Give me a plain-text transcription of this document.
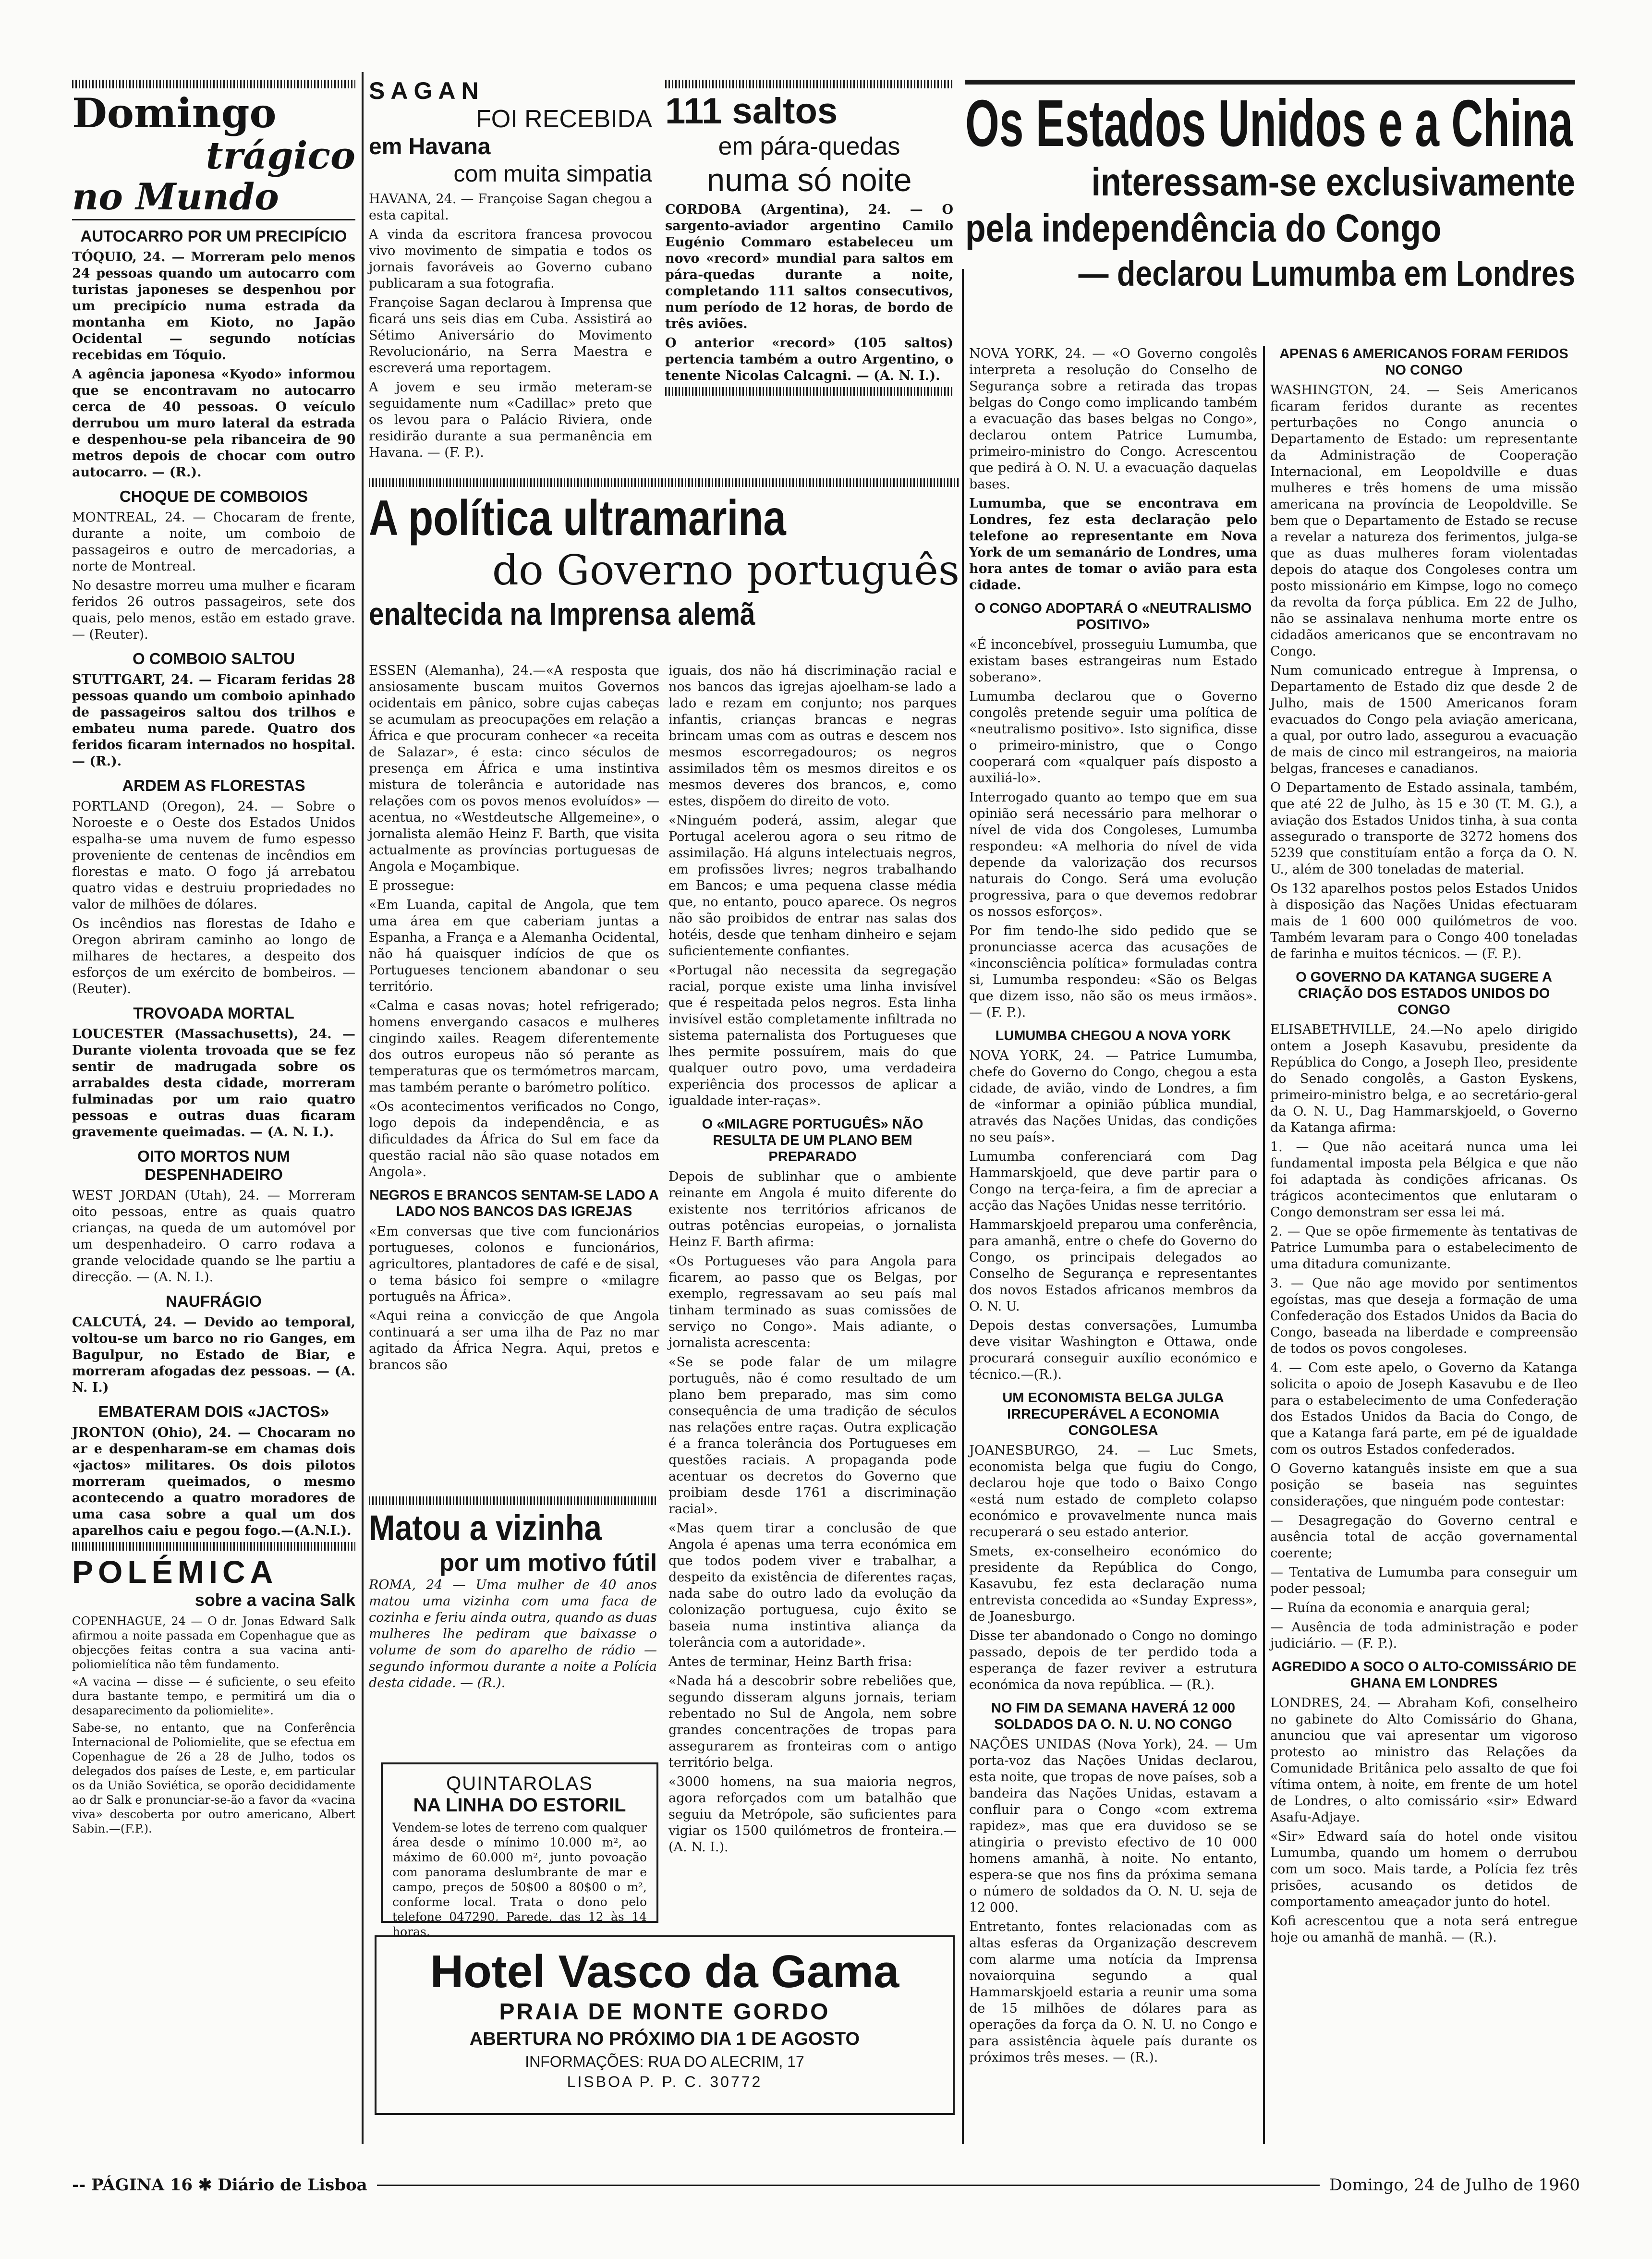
Domingo
trágico
no Mundo
AUTOCARRO POR UM PRECIPÍCIO

TÓQUIO, 24. — Morreram pelo menos 24 pessoas quando um autocarro com turistas japoneses se despenhou por um precipício numa estrada da montanha em Kioto, no Japão Ocidental — segundo notícias recebidas em Tóquio.

A agência japonesa «Kyodo» informou que se encontravam no autocarro cerca de 40 pessoas. O veículo derrubou um muro lateral da estrada e despenhou-se pela ribanceira de 90 metros depois de chocar com outro autocarro. — (R.).

CHOQUE DE COMBOIOS

MONTREAL, 24. — Chocaram de frente, durante a noite, um comboio de passageiros e outro de mercadorias, a norte de Montreal.

No desastre morreu uma mulher e ficaram feridos 26 outros passageiros, sete dos quais, pelo menos, estão em estado grave. — (Reuter).

O COMBOIO SALTOU

STUTTGART, 24. — Ficaram feridas 28 pessoas quando um comboio apinhado de passageiros saltou dos trilhos e embateu numa parede. Quatro dos feridos ficaram internados no hospital. — (R.).

ARDEM AS FLORESTAS

PORTLAND (Oregon), 24. — Sobre o Noroeste e o Oeste dos Estados Unidos espalha-se uma nuvem de fumo espesso proveniente de centenas de incêndios em florestas e mato. O fogo já arrebatou quatro vidas e destruiu propriedades no valor de milhões de dólares.

Os incêndios nas florestas de Idaho e Oregon abriram caminho ao longo de milhares de hectares, a despeito dos esforços de um exército de bombeiros. — (Reuter).

TROVOADA MORTAL

LOUCESTER (Massachusetts), 24. — Durante violenta trovoada que se fez sentir de madrugada sobre os arrabaldes desta cidade, morreram fulminadas por um raio quatro pessoas e outras duas ficaram gravemente queimadas. — (A. N. I.).

OITO MORTOS NUM DESPENHADEIRO

WEST JORDAN (Utah), 24. — Morreram oito pessoas, entre as quais quatro crianças, na queda de um automóvel por um despenhadeiro. O carro rodava a grande velocidade quando se lhe partiu a direcção. — (A. N. I.).

NAUFRÁGIO

CALCUTÁ, 24. — Devido ao temporal, voltou-se um barco no rio Ganges, em Bagulpur, no Estado de Biar, e morreram afogadas dez pessoas. — (A. N. I.)

EMBATERAM DOIS «JACTOS»

JRONTON (Ohio), 24. — Chocaram no ar e despenharam-se em chamas dois «jactos» militares. Os dois pilotos morreram queimados, o mesmo acontecendo a quatro moradores de uma casa sobre a qual um dos aparelhos caiu e pegou fogo.—(A.N.I.).

POLÉMICA
sobre a vacina Salk

COPENHAGUE, 24 — O dr. Jonas Edward Salk afirmou a noite passada em Copenhague que as objecções feitas contra a sua vacina anti-poliomielítica não têm fundamento.

«A vacina — disse — é suficiente, o seu efeito dura bastante tempo, e permitirá um dia o desaparecimento da poliomielite».

Sabe-se, no entanto, que na Conferência Internacional de Poliomielite, que se efectua em Copenhague de 26 a 28 de Julho, todos os delegados dos países de Leste, e, em particular os da União Soviética, se oporão decididamente ao dr Salk e pronunciar-se-ão a favor da «vacina viva» descoberta por outro americano, Albert Sabin.—(F.P.).

SAGAN
FOI RECEBIDA
em Havana
com muita simpatia

HAVANA, 24. — Françoise Sagan chegou a esta capital.

A vinda da escritora francesa provocou vivo movimento de simpatia e todos os jornais favoráveis ao Governo cubano publicaram a sua fotografia.

Françoise Sagan declarou à Imprensa que ficará uns seis dias em Cuba. Assistirá ao Sétimo Aniversário do Movimento Revolucionário, na Serra Maestra e escreverá uma reportagem.

A jovem e seu irmão meteram-se seguidamente num «Cadillac» preto que os levou para o Palácio Riviera, onde residirão durante a sua permanência em Havana. — (F. P.).

111 saltos
em pára-quedas
numa só noite

CORDOBA (Argentina), 24. — O sargento-aviador argentino Camilo Eugénio Commaro estabeleceu um novo «record» mundial para saltos em pára-quedas durante a noite, completando 111 saltos consecutivos, num período de 12 horas, de bordo de três aviões.

O anterior «record» (105 saltos) pertencia também a outro Argentino, o tenente Nicolas Calcagni. — (A. N. I.).

A política ultramarina
do Governo português
enaltecida na Imprensa alemã

ESSEN (Alemanha), 24.—«A resposta que ansiosamente buscam muitos Governos ocidentais em pânico, sobre cujas cabeças se acumulam as preocupações em relação a África e que procuram conhecer «a receita de Salazar», é esta: cinco séculos de presença em África e uma instintiva mistura de tolerância e autoridade nas relações com os povos menos evoluídos» — acentua, no «Westdeutsche Allgemeine», o jornalista alemão Heinz F. Barth, que visita actualmente as províncias portuguesas de Angola e Moçambique.

E prossegue:

«Em Luanda, capital de Angola, que tem uma área em que caberiam juntas a Espanha, a França e a Alemanha Ocidental, não há quaisquer indícios de que os Portugueses tencionem abandonar o seu território.

«Calma e casas novas; hotel refrigerado; homens envergando casacos e mulheres cingindo xailes. Reagem diferentemente dos outros europeus não só perante as temperaturas que os termómetros marcam, mas também perante o barómetro político.

«Os acontecimentos verificados no Congo, logo depois da independência, e as dificuldades da África do Sul em face da questão racial não são quase notados em Angola».

NEGROS E BRANCOS SENTAM-SE LADO A LADO NOS BANCOS DAS IGREJAS

«Em conversas que tive com funcionários portugueses, colonos e funcionários, agricultores, plantadores de café e de sisal, o tema básico foi sempre o «milagre português na África».

«Aqui reina a convicção de que Angola continuará a ser uma ilha de Paz no mar agitado da África Negra. Aqui, pretos e brancos são

iguais, dos não há discriminação racial e nos bancos das igrejas ajoelham-se lado a lado e rezam em conjunto; nos parques infantis, crianças brancas e negras brincam umas com as outras e descem nos mesmos escorregadouros; os negros assimilados têm os mesmos direitos e os mesmos deveres dos brancos, e, como estes, dispõem do direito de voto.

«Ninguém poderá, assim, alegar que Portugal acelerou agora o seu ritmo de assimilação. Há alguns intelectuais negros, em profissões livres; negros trabalhando em Bancos; e uma pequena classe média que, no entanto, pouco aparece. Os negros não são proibidos de entrar nas salas dos hotéis, desde que tenham dinheiro e sejam suficientemente confiantes.

«Portugal não necessita da segregação racial, porque existe uma linha invisível que é respeitada pelos negros. Esta linha invisível estão completamente infiltrada no sistema paternalista dos Portugueses que lhes permite possuírem, mais do que qualquer outro povo, uma verdadeira experiência dos processos de aplicar a igualdade inter-raças».

O «MILAGRE PORTUGUÊS» NÃO RESULTA DE UM PLANO BEM PREPARADO

Depois de sublinhar que o ambiente reinante em Angola é muito diferente do existente nos territórios africanos de outras potências europeias, o jornalista Heinz F. Barth afirma:

«Os Portugueses vão para Angola para ficarem, ao passo que os Belgas, por exemplo, regressavam ao seu país mal tinham terminado as suas comissões de serviço no Congo». Mais adiante, o jornalista acrescenta:

«Se se pode falar de um milagre português, não é como resultado de um plano bem preparado, mas sim como consequência de uma tradição de séculos nas relações entre raças. Outra explicação é a franca tolerância dos Portugueses em questões raciais. A propaganda pode acentuar os decretos do Governo que proibiam desde 1761 a discriminação racial».

«Mas quem tirar a conclusão de que Angola é apenas uma terra económica em que todos podem viver e trabalhar, a despeito da existência de diferentes raças, nada sabe do outro lado da evolução da colonização portuguesa, cujo êxito se baseia numa instintiva aliança da tolerância com a autoridade».

Antes de terminar, Heinz Barth frisa:

«Nada há a descobrir sobre rebeliões que, segundo disseram alguns jornais, teriam rebentado no Sul de Angola, nem sobre grandes concentrações de tropas para assegurarem as fronteiras com o antigo território belga.

«3000 homens, na sua maioria negros, agora reforçados com um batalhão que seguiu da Metrópole, são suficientes para vigiar os 1500 quilómetros de fronteira.— (A. N. I.).

Matou a vizinha
por um motivo fútil

ROMA, 24 — Uma mulher de 40 anos matou uma vizinha com uma faca de cozinha e feriu ainda outra, quando as duas mulheres lhe pediram que baixasse o volume de som do aparelho de rádio — segundo informou durante a noite a Polícia desta cidade. — (R.).

QUINTAROLAS
NA LINHA DO ESTORIL

Vendem-se lotes de terreno com qualquer área desde o mínimo 10.000 m², ao máximo de 60.000 m², junto povoação com panorama deslumbrante de mar e campo, preços de 50$00 a 80$00 o m², conforme local. Trata o dono pelo telefone 047290, Parede, das 12 às 14 horas.

Hotel Vasco da Gama
PRAIA DE MONTE GORDO
ABERTURA NO PRÓXIMO DIA 1 DE AGOSTO
INFORMAÇÕES: RUA DO ALECRIM, 17
LISBOA P. P. C. 30772
Os Estados Unidos e a China
interessam-se exclusivamente
pela independência do Congo
— declarou Lumumba em Londres

NOVA YORK, 24. — «O Governo congolês interpreta a resolução do Conselho de Segurança sobre a retirada das tropas belgas do Congo como implicando também a evacuação das bases belgas no Congo», declarou ontem Patrice Lumumba, primeiro-ministro do Congo. Acrescentou que pedirá à O. N. U. a evacuação daquelas bases.

Lumumba, que se encontrava em Londres, fez esta declaração pelo telefone ao representante em Nova York de um semanário de Londres, uma hora antes de tomar o avião para esta cidade.

O CONGO ADOPTARÁ O «NEUTRALISMO POSITIVO»

«É inconcebível, prosseguiu Lumumba, que existam bases estrangeiras num Estado soberano».

Lumumba declarou que o Governo congolês pretende seguir uma política de «neutralismo positivo». Isto significa, disse o primeiro-ministro, que o Congo cooperará com «qualquer país disposto a auxiliá-lo».

Interrogado quanto ao tempo que em sua opinião será necessário para melhorar o nível de vida dos Congoleses, Lumumba respondeu: «A melhoria do nível de vida depende da valorização dos recursos naturais do Congo. Será uma evolução progressiva, para o que devemos redobrar os nossos esforços».

Por fim tendo-lhe sido pedido que se pronunciasse acerca das acusações de «inconsciência política» formuladas contra si, Lumumba respondeu: «São os Belgas que dizem isso, não são os meus irmãos». — (F. P.).

LUMUMBA CHEGOU A NOVA YORK

NOVA YORK, 24. — Patrice Lumumba, chefe do Governo do Congo, chegou a esta cidade, de avião, vindo de Londres, a fim de «informar a opinião pública mundial, através das Nações Unidas, das condições no seu país».

Lumumba conferenciará com Dag Hammarskjoeld, que deve partir para o Congo na terça-feira, a fim de apreciar a acção das Nações Unidas nesse território.

Hammarskjoeld preparou uma conferência, para amanhã, entre o chefe do Governo do Congo, os principais delegados ao Conselho de Segurança e representantes dos novos Estados africanos membros da O. N. U.

Depois destas conversações, Lumumba deve visitar Washington e Ottawa, onde procurará conseguir auxílio económico e técnico.—(R.).

UM ECONOMISTA BELGA JULGA IRRECUPERÁVEL A ECONOMIA CONGOLESA

JOANESBURGO, 24. — Luc Smets, economista belga que fugiu do Congo, declarou hoje que todo o Baixo Congo «está num estado de completo colapso económico e provavelmente nunca mais recuperará o seu estado anterior.

Smets, ex-conselheiro económico do presidente da República do Congo, Kasavubu, fez esta declaração numa entrevista concedida ao «Sunday Express», de Joanesburgo.

Disse ter abandonado o Congo no domingo passado, depois de ter perdido toda a esperança de fazer reviver a estrutura económica da nova república. — (R.).

NO FIM DA SEMANA HAVERÁ 12 000 SOLDADOS DA O. N. U. NO CONGO

NAÇÕES UNIDAS (Nova York), 24. — Um porta-voz das Nações Unidas declarou, esta noite, que tropas de nove países, sob a bandeira das Nações Unidas, estavam a confluir para o Congo «com extrema rapidez», mas que era duvidoso se se atingiria o previsto efectivo de 10 000 homens amanhã, à noite. No entanto, espera-se que nos fins da próxima semana o número de soldados da O. N. U. seja de 12 000.

Entretanto, fontes relacionadas com as altas esferas da Organização descrevem com alarme uma notícia da Imprensa novaiorquina segundo a qual Hammarskjoeld estaria a reunir uma soma de 15 milhões de dólares para as operações da força da O. N. U. no Congo e para assistência àquele país durante os próximos três meses. — (R.).

APENAS 6 AMERICANOS FORAM FERIDOS NO CONGO

WASHINGTON, 24. — Seis Americanos ficaram feridos durante as recentes perturbações no Congo anuncia o Departamento de Estado: um representante da Administração de Cooperação Internacional, em Leopoldville e duas mulheres e três homens de uma missão americana na província de Leopoldville. Se bem que o Departamento de Estado se recuse a revelar a natureza dos ferimentos, julga-se que as duas mulheres foram violentadas depois do ataque dos Congoleses contra um posto missionário em Kimpse, logo no começo da revolta da força pública. Em 22 de Julho, não se assinalava nenhuma morte entre os cidadãos americanos que se encontravam no Congo.

Num comunicado entregue à Imprensa, o Departamento de Estado diz que desde 2 de Julho, mais de 1500 Americanos foram evacuados do Congo pela aviação americana, a qual, por outro lado, assegurou a evacuação de mais de cinco mil estrangeiros, na maioria belgas, franceses e canadianos.

O Departamento de Estado assinala, também, que até 22 de Julho, às 15 e 30 (T. M. G.), a aviação dos Estados Unidos tinha, à sua conta assegurado o transporte de 3272 homens dos 5239 que constituíam então a força da O. N. U., além de 300 toneladas de material.

Os 132 aparelhos postos pelos Estados Unidos à disposição das Nações Unidas efectuaram mais de 1 600 000 quilómetros de voo. Também levaram para o Congo 400 toneladas de farinha e muitos técnicos. — (F. P.).

O GOVERNO DA KATANGA SUGERE A CRIAÇÃO DOS ESTADOS UNIDOS DO CONGO

ELISABETHVILLE, 24.—No apelo dirigido ontem a Joseph Kasavubu, presidente da República do Congo, a Joseph Ileo, presidente do Senado congolês, a Gaston Eyskens, primeiro-ministro belga, e ao secretário-geral da O. N. U., Dag Hammarskjoeld, o Governo da Katanga afirma:

1. — Que não aceitará nunca uma lei fundamental imposta pela Bélgica e que não foi adaptada às condições africanas. Os trágicos acontecimentos que enlutaram o Congo demonstram ser essa lei má.

2. — Que se opõe firmemente às tentativas de Patrice Lumumba para o estabelecimento de uma ditadura comunizante.

3. — Que não age movido por sentimentos egoístas, mas que deseja a formação de uma Confederação dos Estados Unidos da Bacia do Congo, baseada na liberdade e compreensão de todos os povos congoleses.

4. — Com este apelo, o Governo da Katanga solicita o apoio de Joseph Kasavubu e de Ileo para o estabelecimento de uma Confederação dos Estados Unidos da Bacia do Congo, de que a Katanga fará parte, em pé de igualdade com os outros Estados confederados.

O Governo katanguês insiste em que a sua posição se baseia nas seguintes considerações, que ninguém pode contestar:

— Desagregação do Governo central e ausência total de acção governamental coerente;

— Tentativa de Lumumba para conseguir um poder pessoal;

— Ruína da economia e anarquia geral;

— Ausência de toda administração e poder judiciário. — (F. P.).

AGREDIDO A SOCO O ALTO-COMISSÁRIO DE GHANA EM LONDRES

LONDRES, 24. — Abraham Kofi, conselheiro no gabinete do Alto Comissário do Ghana, anunciou que vai apresentar um vigoroso protesto ao ministro das Relações da Comunidade Britânica pelo assalto de que foi vítima ontem, à noite, em frente de um hotel de Londres, o alto comissário «sir» Edward Asafu-Adjaye.

«Sir» Edward saía do hotel onde visitou Lumumba, quando um homem o derrubou com um soco. Mais tarde, a Polícia fez três prisões, acusando os detidos de comportamento ameaçador junto do hotel.

Kofi acrescentou que a nota será entregue hoje ou amanhã de manhã. — (R.).

-- PÁGINA 16 ✱ Diário de Lisboa	Domingo, 24 de Julho de 1960
